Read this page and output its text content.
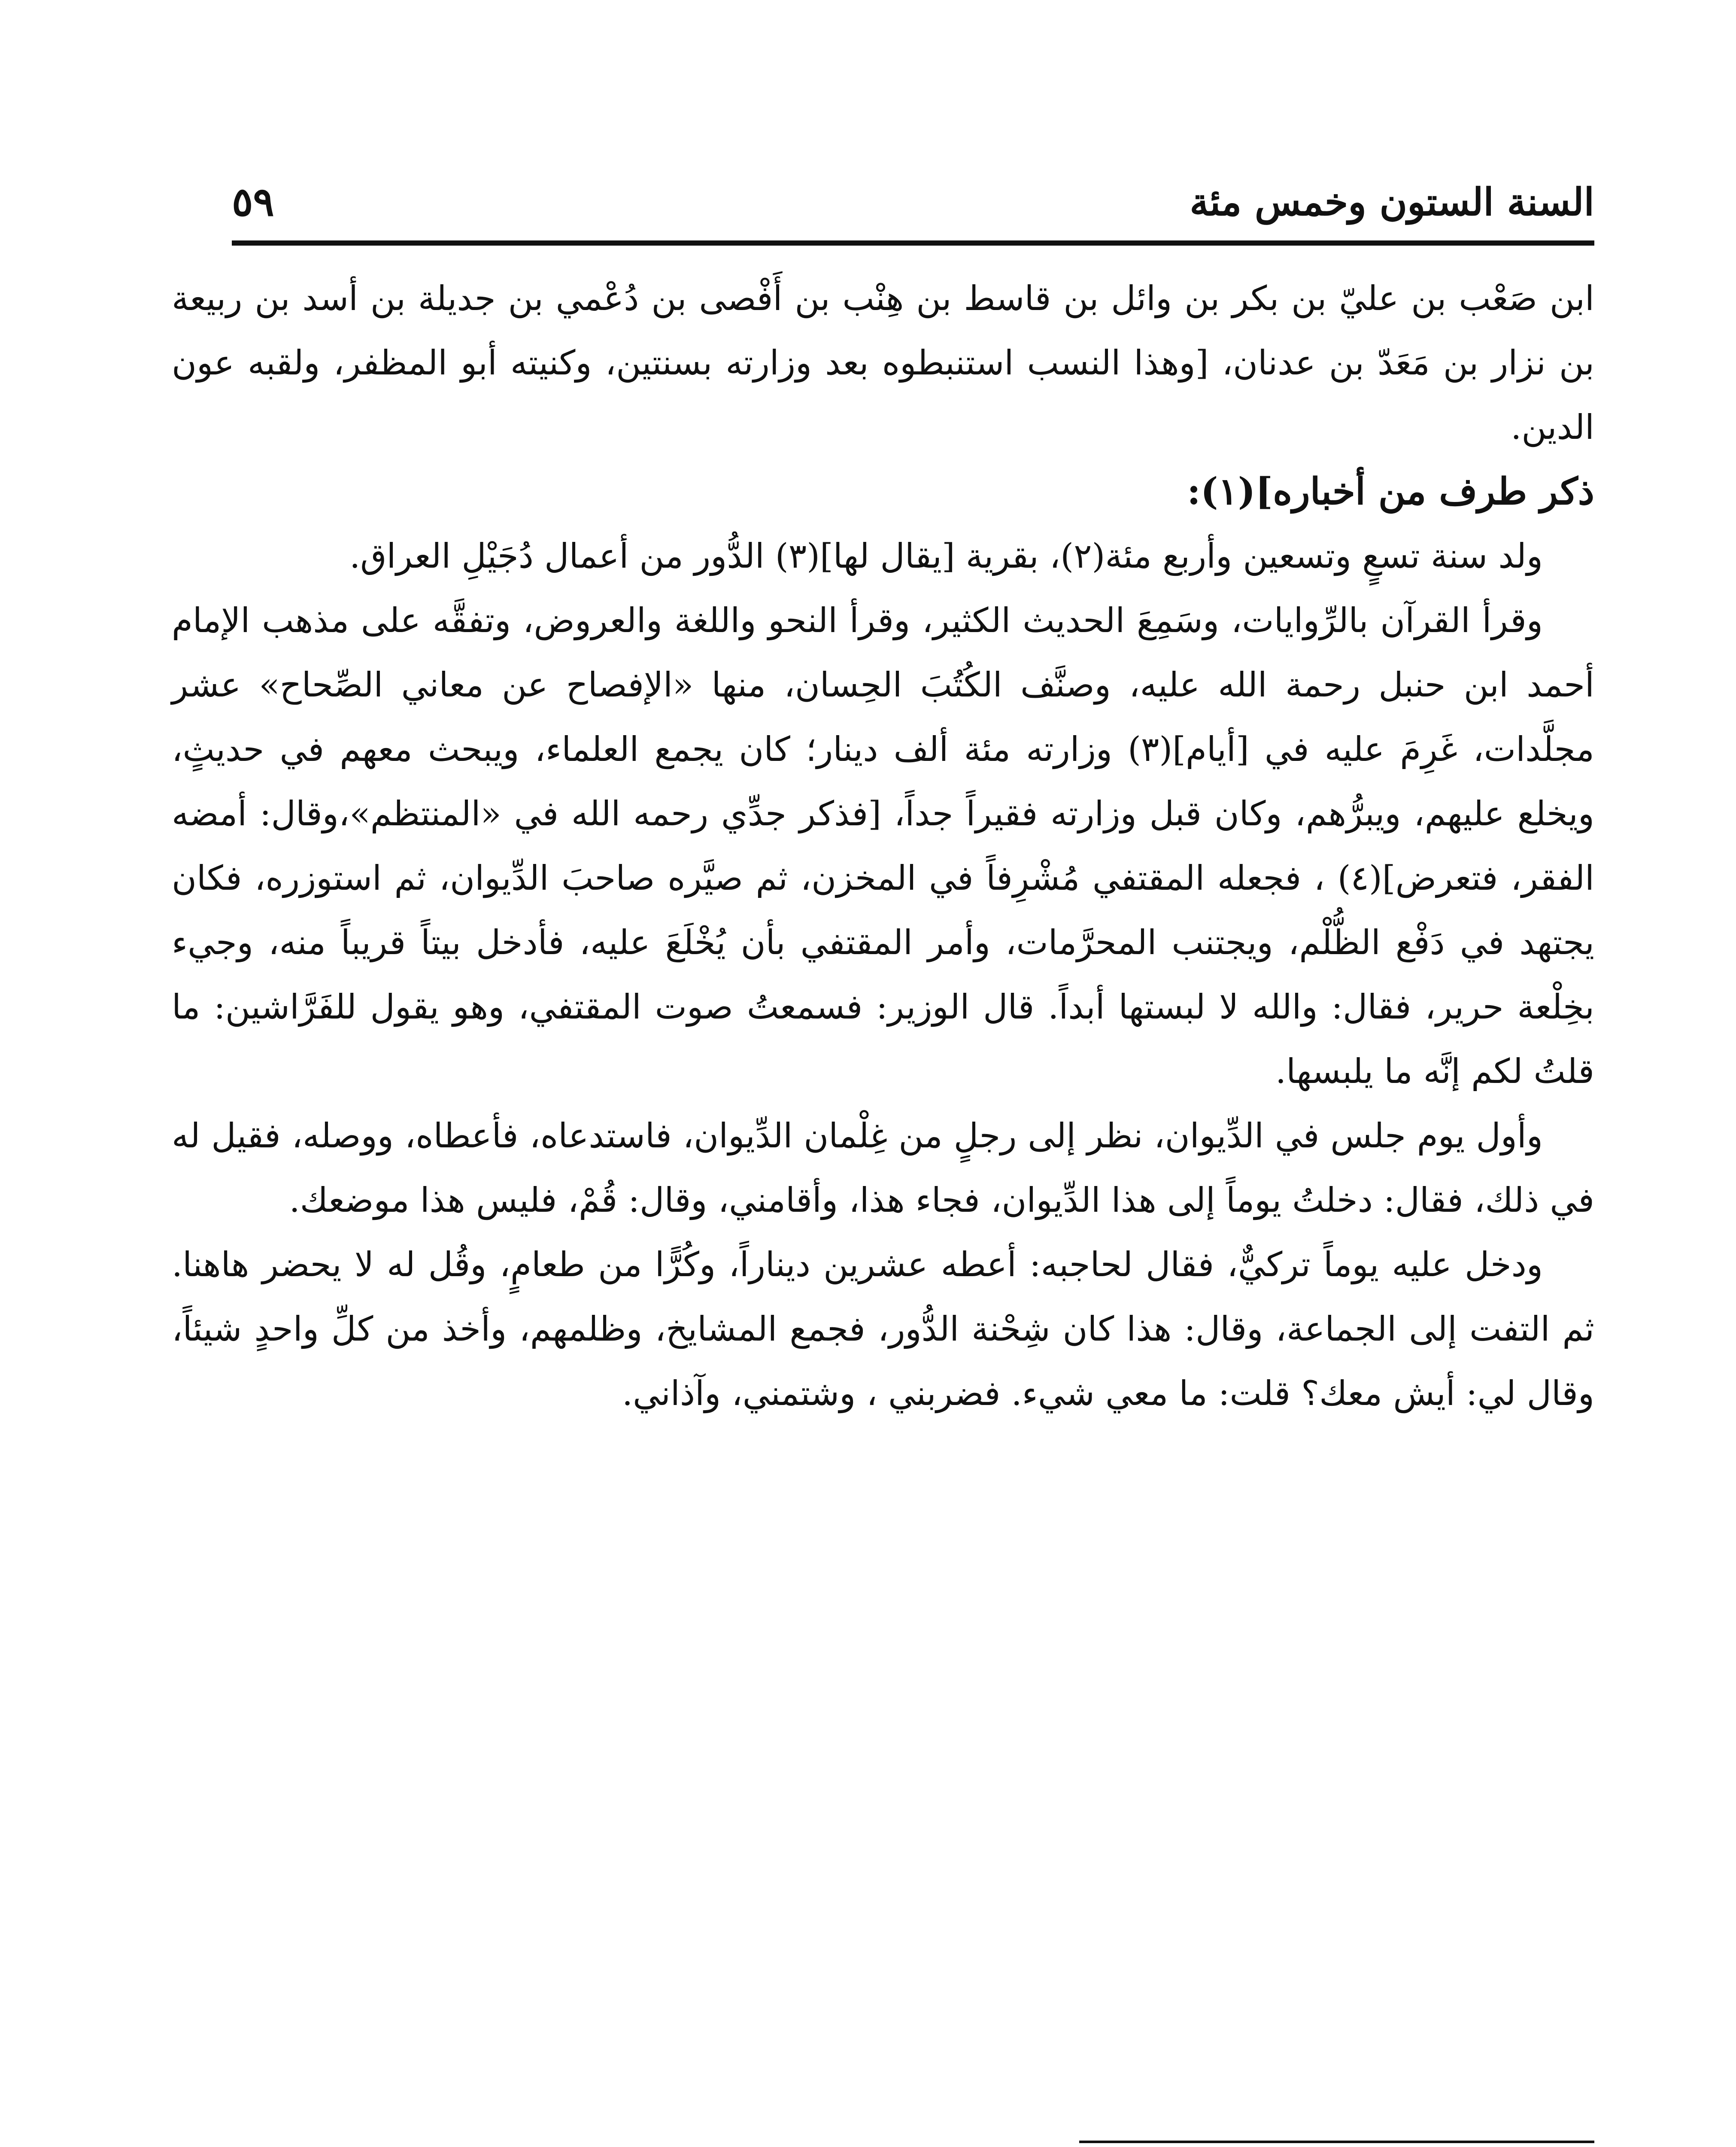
السنة الستون وخمس مئة
٥٩

ابن صَعْب بن عليّ بن بكر بن وائل بن قاسط بن هِنْب بن أَفْصى بن دُعْمي بن جديلة بن أسد بن ربيعة بن نزار بن مَعَدّ بن عدنان، [وهذا النسب استنبطوه بعد وزارته بسنتين، وكنيته أبو المظفر، ولقبه عون الدين.

ذكر طرف من أخباره](١):

ولد سنة تسعٍ وتسعين وأربع مئة(٢)، بقرية [يقال لها](٣) الدُّور من أعمال دُجَيْلِ العراق.

وقرأ القرآن بالرِّوايات، وسَمِعَ الحديث الكثير، وقرأ النحو واللغة والعروض، وتفقَّه على مذهب الإمام أحمد ابن حنبل رحمة الله عليه، وصنَّف الكُتُبَ الحِسان، منها «الإفصاح عن معاني الصِّحاح» عشر مجلَّدات، غَرِمَ عليه في [أيام](٣) وزارته مئة ألف دينار؛ كان يجمع العلماء، ويبحث معهم في حديثٍ، ويخلع عليهم، ويبرُّهم، وكان قبل وزارته فقيراً جداً، [فذكر جدِّي رحمه الله في «المنتظم»،وقال: أمضه الفقر، فتعرض](٤) ، فجعله المقتفي مُشْرِفاً في المخزن، ثم صيَّره صاحبَ الدِّيوان، ثم استوزره، فكان يجتهد في دَفْع الظُّلْم، ويجتنب المحرَّمات، وأمر المقتفي بأن يُخْلَعَ عليه، فأدخل بيتاً قريباً منه، وجيء بخِلْعة حرير، فقال: والله لا لبستها أبداً. قال الوزير: فسمعتُ صوت المقتفي، وهو يقول للفَرَّاشين: ما قلتُ لكم إنَّه ما يلبسها.

وأول يوم جلس في الدِّيوان، نظر إلى رجلٍ من غِلْمان الدِّيوان، فاستدعاه، فأعطاه، ووصله، فقيل له في ذلك، فقال: دخلتُ يوماً إلى هذا الدِّيوان، فجاء هذا، وأقامني، وقال: قُمْ، فليس هذا موضعك.

ودخل عليه يوماً تركيٌّ، فقال لحاجبه: أعطه عشرين ديناراً، وكُرًّا من طعامٍ، وقُل له لا يحضر هاهنا. ثم التفت إلى الجماعة، وقال: هذا كان شِحْنة الدُّور، فجمع المشايخ، وظلمهم، وأخذ من كلِّ واحدٍ شيئاً، وقال لي: أيش معك؟ قلت: ما معي شيء. فضربني ، وشتمني، وآذاني.
